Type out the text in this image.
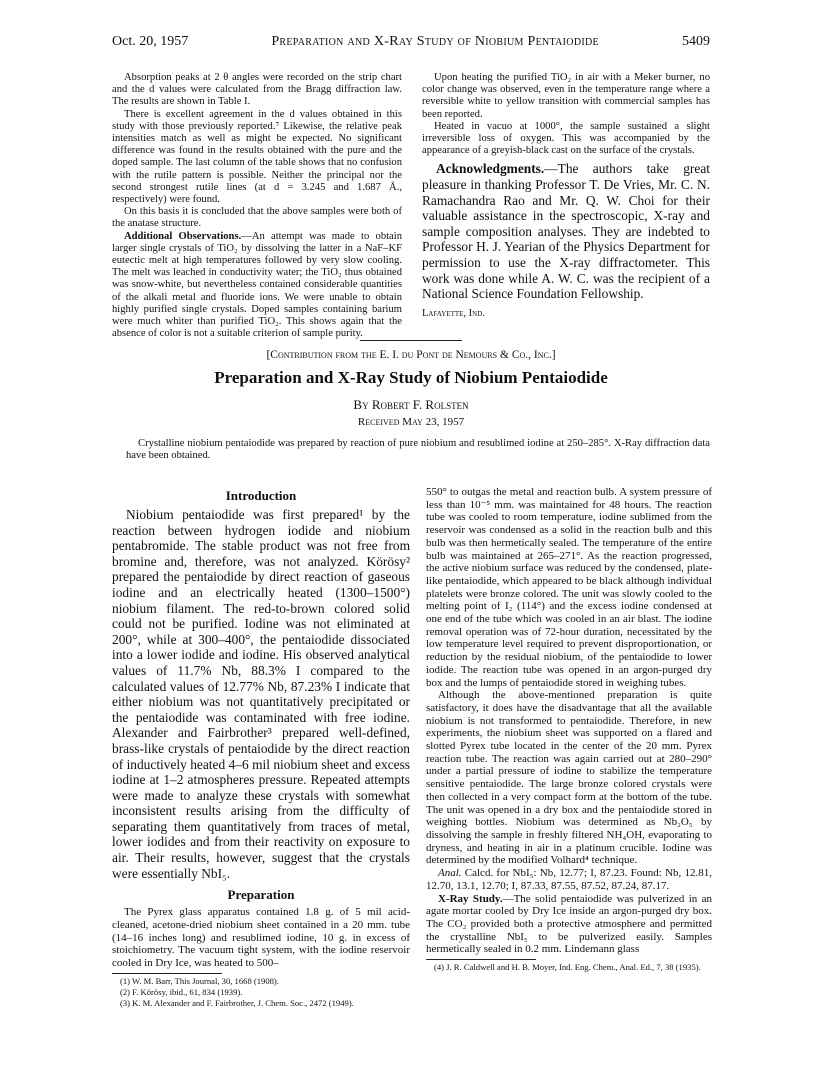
Oct. 20, 1957	Preparation and X-Ray Study of Niobium Pentaiodide	5409

Absorption peaks at 2 θ angles were recorded on the strip chart and the d values were calculated from the Bragg diffraction law. The results are shown in Table I.

There is excellent agreement in the d values obtained in this study with those previously reported.⁷ Likewise, the relative peak intensities match as well as might be expected. No significant difference was found in the results obtained with the pure and the doped sample. The last column of the table shows that no confusion with the rutile pattern is possible. Neither the principal nor the second strongest rutile lines (at d = 3.245 and 1.687 Å., respectively) were found.

On this basis it is concluded that the above samples were both of the anatase structure.

Additional Observations.—An attempt was made to obtain larger single crystals of TiO₂ by dissolving the latter in a NaF–KF eutectic melt at high temperatures followed by very slow cooling. The melt was leached in conductivity water; the TiO₂ thus obtained was snow-white, but nevertheless contained considerable quantities of the alkali metal and fluoride ions. We were unable to obtain highly purified single crystals. Doped samples containing barium were much whiter than purified TiO₂. This shows again that the absence of color is not a suitable criterion of sample purity.

Upon heating the purified TiO₂ in air with a Meker burner, no color change was observed, even in the temperature range where a reversible white to yellow transition with commercial samples has been reported.

Heated in vacuo at 1000°, the sample sustained a slight irreversible loss of oxygen. This was accompanied by the appearance of a greyish-black cast on the surface of the crystals.

Acknowledgments.—The authors take great pleasure in thanking Professor T. De Vries, Mr. C. N. Ramachandra Rao and Mr. Q. W. Choi for their valuable assistance in the spectroscopic, X-ray and sample composition analyses. They are indebted to Professor H. J. Yearian of the Physics Department for permission to use the X-ray diffractometer. This work was done while A. W. C. was the recipient of a National Science Foundation Fellowship.

Lafayette, Ind.

[Contribution from the E. I. du Pont de Nemours & Co., Inc.]
Preparation and X-Ray Study of Niobium Pentaiodide
By Robert F. Rolsten
Received May 23, 1957
Crystalline niobium pentaiodide was prepared by reaction of pure niobium and resublimed iodine at 250–285°. X-Ray diffraction data have been obtained.
Introduction

Niobium pentaiodide was first prepared¹ by the reaction between hydrogen iodide and niobium pentabromide. The stable product was not free from bromine and, therefore, was not analyzed. Körösy² prepared the pentaiodide by direct reaction of gaseous iodine and an electrically heated (1300–1500°) niobium filament. The red-to-brown colored solid could not be purified. Iodine was not eliminated at 200°, while at 300–400°, the pentaiodide dissociated into a lower iodide and iodine. His observed analytical values of 11.7% Nb, 88.3% I compared to the calculated values of 12.77% Nb, 87.23% I indicate that either niobium was not quantitatively precipitated or the pentaiodide was contaminated with free iodine. Alexander and Fairbrother³ prepared well-defined, brass-like crystals of pentaiodide by the direct reaction of inductively heated 4–6 mil niobium sheet and excess iodine at 1–2 atmospheres pressure. Repeated attempts were made to analyze these crystals with somewhat inconsistent results arising from the difficulty of separating them quantitatively from traces of metal, lower iodides and from their reactivity on exposure to air. Their results, however, suggest that the crystals were essentially NbI₅.

Preparation

The Pyrex glass apparatus contained 1.8 g. of 5 mil acid-cleaned, acetone-dried niobium sheet contained in a 20 mm. tube (14–16 inches long) and resublimed iodine, 10 g. in excess of stoichiometry. The vacuum tight system, with the iodine reservoir cooled in Dry Ice, was heated to 500–

(1) W. M. Barr, This Journal, 30, 1668 (1908).

(2) F. Körösy, ibid., 61, 834 (1939).

(3) K. M. Alexander and F. Fairbrother, J. Chem. Soc., 2472 (1949).

550° to outgas the metal and reaction bulb. A system pressure of less than 10⁻⁵ mm. was maintained for 48 hours. The reaction tube was cooled to room temperature, iodine sublimed from the reservoir was condensed as a solid in the reaction bulb and this bulb was then hermetically sealed. The temperature of the entire bulb was maintained at 265–271°. As the reaction progressed, the active niobium surface was reduced by the condensed, plate-like pentaiodide, which appeared to be black although individual platelets were bronze colored. The unit was slowly cooled to the melting point of I₂ (114°) and the excess iodine condensed at one end of the tube which was cooled in an air blast. The iodine removal operation was of 72-hour duration, necessitated by the low temperature level required to prevent disproportionation, or reduction by the residual niobium, of the pentaiodide to lower iodide. The reaction tube was opened in an argon-purged dry box and the lumps of pentaiodide stored in weighing tubes.

Although the above-mentioned preparation is quite satisfactory, it does have the disadvantage that all the available niobium is not transformed to pentaiodide. Therefore, in new experiments, the niobium sheet was supported on a flared and slotted Pyrex tube located in the center of the 20 mm. Pyrex reaction tube. The reaction was again carried out at 280–290° under a partial pressure of iodine to stabilize the temperature sensitive pentaiodide. The large bronze colored crystals were then collected in a very compact form at the bottom of the tube. The unit was opened in a dry box and the pentaiodide stored in weighing bottles. Niobium was determined as Nb₂O₅ by dissolving the sample in freshly filtered NH₄OH, evaporating to dryness, and heating in air in a platinum crucible. Iodine was determined by the modified Volhard⁴ technique.

Anal. Calcd. for NbI₅: Nb, 12.77; I, 87.23. Found: Nb, 12.81, 12.70, 13.1, 12.70; I, 87.33, 87.55, 87.52, 87.24, 87.17.

X-Ray Study.—The solid pentaiodide was pulverized in an agate mortar cooled by Dry Ice inside an argon-purged dry box. The CO₂ provided both a protective atmosphere and permitted the crystalline NbI₅ to be pulverized easily. Samples hermetically sealed in 0.2 mm. Lindemann glass

(4) J. R. Caldwell and H. B. Moyer, Ind. Eng. Chem., Anal. Ed., 7, 38 (1935).
